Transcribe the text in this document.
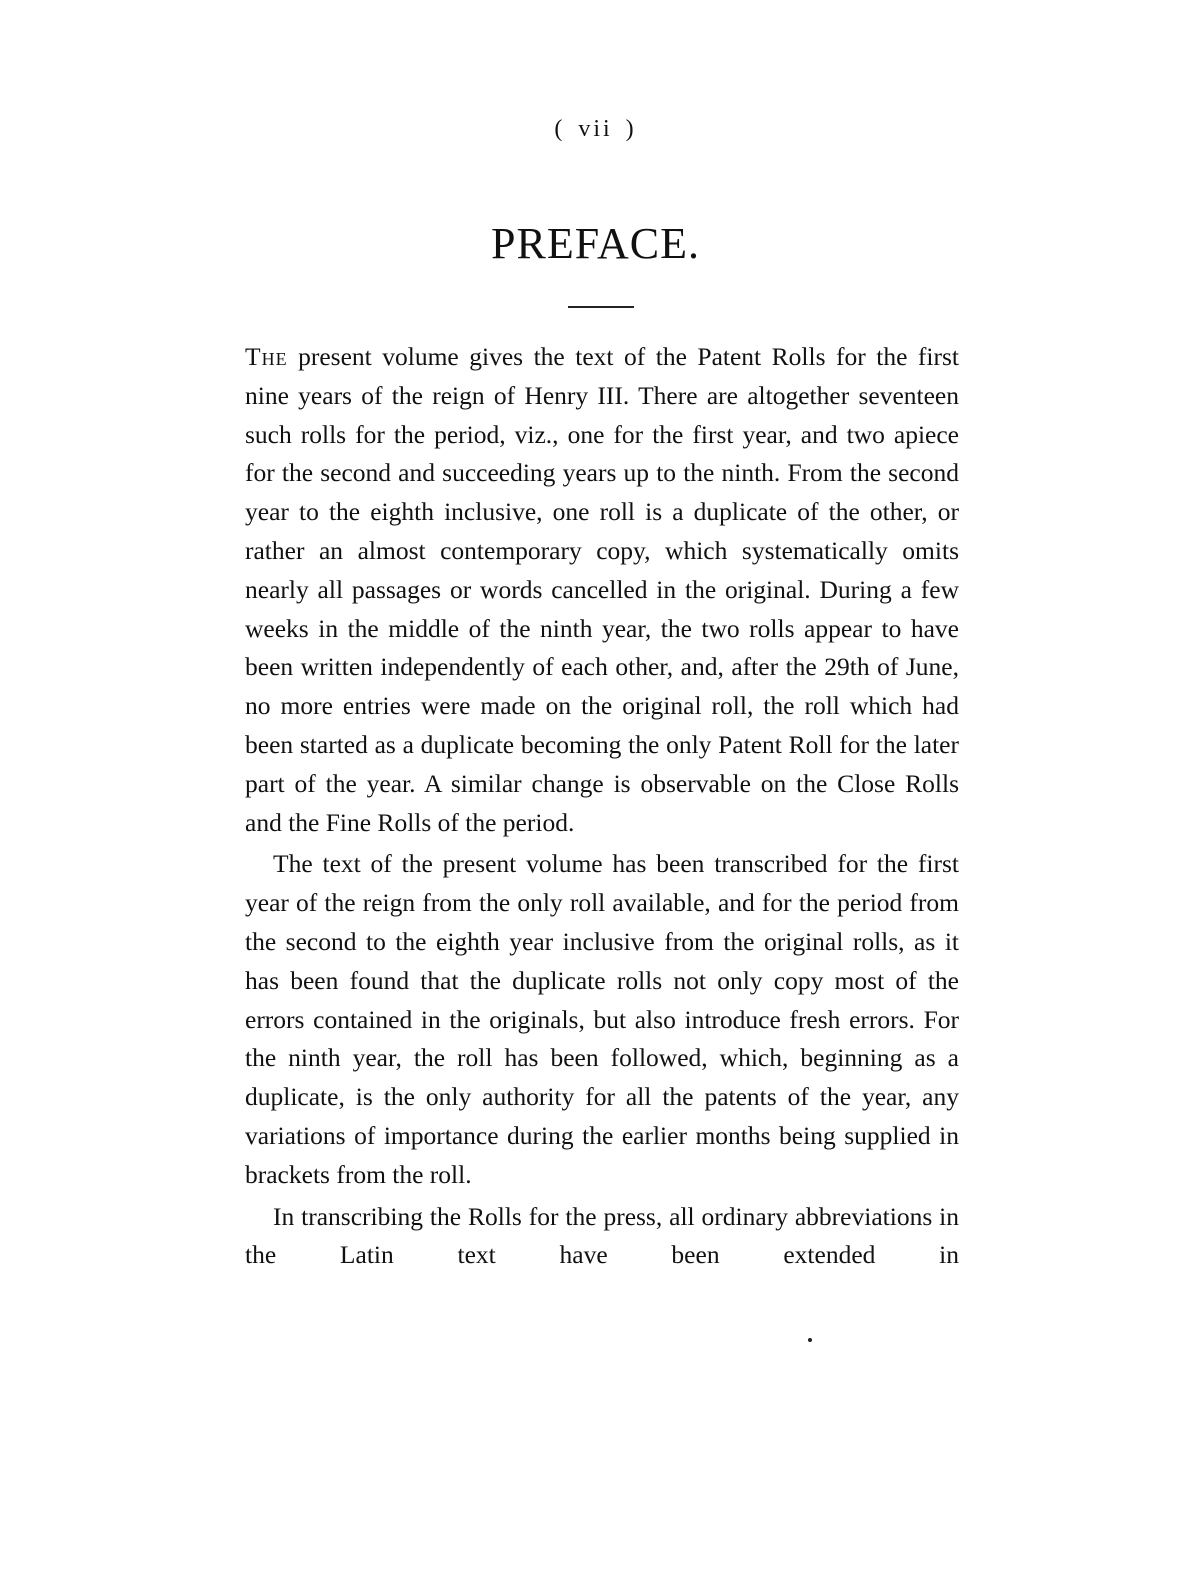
( vii )
PREFACE.

The present volume gives the text of the Patent Rolls for the first nine years of the reign of Henry III. There are altogether seventeen such rolls for the period, viz., one for the first year, and two apiece for the second and succeeding years up to the ninth. From the second year to the eighth inclusive, one roll is a duplicate of the other, or rather an almost contemporary copy, which systematically omits nearly all passages or words cancelled in the original. During a few weeks in the middle of the ninth year, the two rolls appear to have been written independently of each other, and, after the 29th of June, no more entries were made on the original roll, the roll which had been started as a duplicate becoming the only Patent Roll for the later part of the year. A similar change is observable on the Close Rolls and the Fine Rolls of the period.

The text of the present volume has been transcribed for the first year of the reign from the only roll available, and for the period from the second to the eighth year inclusive from the original rolls, as it has been found that the duplicate rolls not only copy most of the errors contained in the originals, but also introduce fresh errors. For the ninth year, the roll has been followed, which, beginning as a duplicate, is the only authority for all the patents of the year, any variations of importance during the earlier months being supplied in brackets from the roll.

In transcribing the Rolls for the press, all ordinary abbreviations in the Latin text have been extended in
